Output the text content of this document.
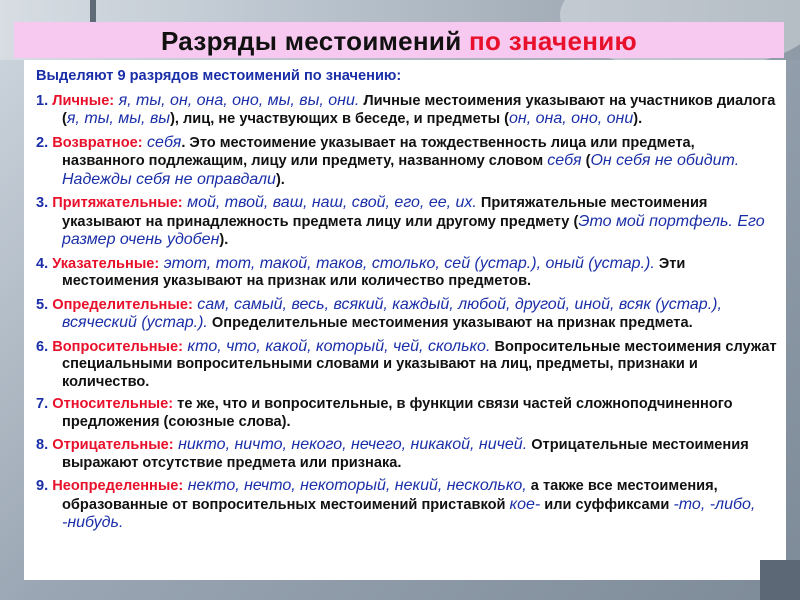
Разряды местоимений по значению
Выделяют 9 разрядов местоимений по значению:
1. Личные: я, ты, он, она, оно, мы, вы, они. Личные местоимения указывают на участников диалога (я, ты, мы, вы), лиц, не участвующих в беседе, и предметы (он, она, оно, они).
2. Возвратное: себя. Это местоимение указывает на тождественность лица или предмета, названного подлежащим, лицу или предмету, названному словом себя (Он себя не обидит. Надежды себя не оправдали).
3. Притяжательные: мой, твой, ваш, наш, свой, его, ее, их. Притяжательные местоимения указывают на принадлежность предмета лицу или другому предмету (Это мой портфель. Его размер очень удобен).
4. Указательные: этот, тот, такой, таков, столько, сей (устар.), оный (устар.). Эти местоимения указывают на признак или количество предметов.
5. Определительные: сам, самый, весь, всякий, каждый, любой, другой, иной, всяк (устар.), всяческий (устар.). Определительные местоимения указывают на признак предмета.
6. Вопросительные: кто, что, какой, который, чей, сколько. Вопросительные местоимения служат специальными вопросительными словами и указывают на лиц, предметы, признаки и количество.
7. Относительные: те же, что и вопросительные, в функции связи частей сложноподчиненного предложения (союзные слова).
8. Отрицательные: никто, ничто, некого, нечего, никакой, ничей. Отрицательные местоимения выражают отсутствие предмета или признака.
9. Неопределенные: некто, нечто, некоторый, некий, несколько, а также все местоимения, образованные от вопросительных местоимений приставкой кое- или суффиксами -то, -либо, -нибудь.
